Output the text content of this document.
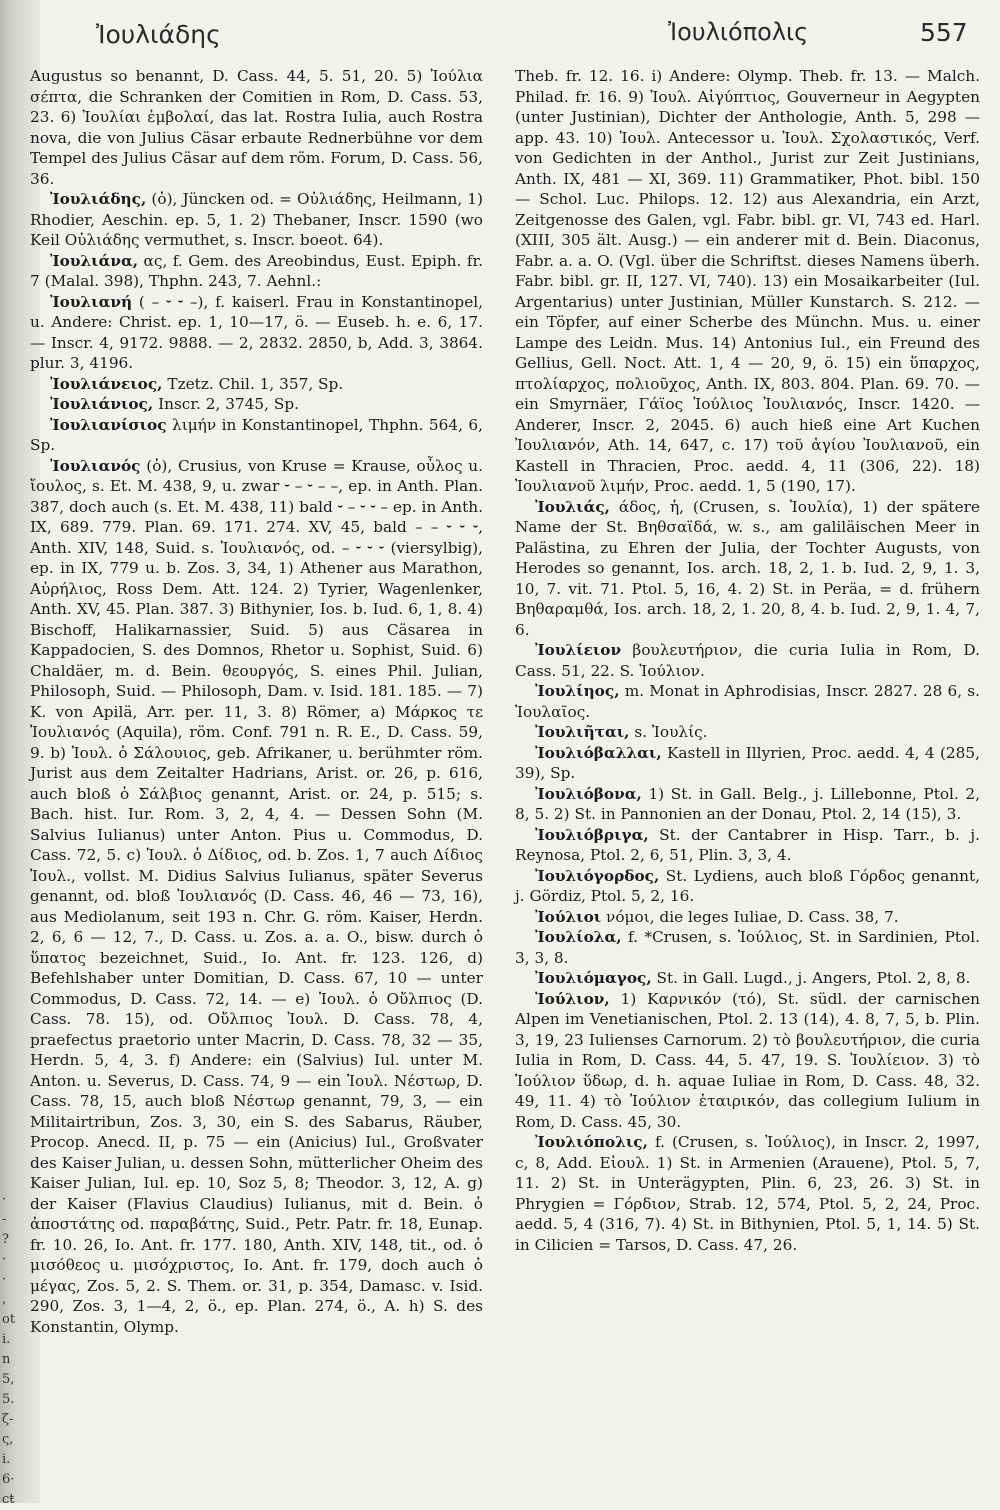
·
-
?
·
·
,
ot
i.
n
5,
5.
ζ-
ς,
i.
6·
cŧ
Ἰουλιάδης	Ἰουλιόπολις	557

Augustus so benannt, D. Cass. 44, 5. 51, 20. 5) Ἰούλια σέπτα, die Schranken der Comitien in Rom, D. Cass. 53, 23. 6) Ἰουλίαι ἐμβολαί, das lat. Rostra Iulia, auch Rostra nova, die von Julius Cäsar erbaute Rednerbühne vor dem Tempel des Julius Cäsar auf dem röm. Forum, D. Cass. 56, 36.

Ἰουλιάδης, (ὁ), Jüncken od. = Οὐλιάδης, Heilmann, 1) Rhodier, Aeschin. ep. 5, 1. 2) Thebaner, Inscr. 1590 (wo Keil Οὐλιάδης vermuthet, s. Inscr. boeot. 64).

Ἰουλιάνα, ας, f. Gem. des Areobindus, Eust. Epiph. fr. 7 (Malal. 398), Thphn. 243, 7. Aehnl.:

Ἰουλιανή ( – ⏑ ⏑ –), f. kaiserl. Frau in Konstantinopel, u. Andere: Christ. ep. 1, 10—17, ö. — Euseb. h. e. 6, 17. — Inscr. 4, 9172. 9888. — 2, 2832. 2850, b, Add. 3, 3864. plur. 3, 4196.

Ἰουλιάνειος, Tzetz. Chil. 1, 357, Sp.

Ἰουλιάνιος, Inscr. 2, 3745, Sp.

Ἰουλιανίσιος λιμήν in Konstantinopel, Thphn. 564, 6, Sp.

Ἰουλιανός (ὁ), Crusius, von Kruse = Krause, οὖλος u. ἴουλος, s. Et. M. 438, 9, u. zwar ⏑ – ⏑ – –, ep. in Anth. Plan. 387, doch auch (s. Et. M. 438, 11) bald ⏑ – ⏑ ⏑ – ep. in Anth. IX, 689. 779. Plan. 69. 171. 274. XV, 45, bald – – ⏑ ⏑ ⏑, Anth. XIV, 148, Suid. s. Ἰουλιανός, od. – ⏑ ⏑ ⏑ (viersylbig), ep. in IX, 779 u. b. Zos. 3, 34, 1) Athener aus Marathon, Αὐρήλιος, Ross Dem. Att. 124. 2) Tyrier, Wagenlenker, Anth. XV, 45. Plan. 387. 3) Bithynier, Ios. b. Iud. 6, 1, 8. 4) Bischoff, Halikarnassier, Suid. 5) aus Cäsarea in Kappadocien, S. des Domnos, Rhetor u. Sophist, Suid. 6) Chaldäer, m. d. Bein. θεουργός, S. eines Phil. Julian, Philosoph, Suid. — Philosoph, Dam. v. Isid. 181. 185. — 7) K. von Apilä, Arr. per. 11, 3. 8) Römer, a) Μάρκος τε Ἰουλιανός (Aquila), röm. Conf. 791 n. R. E., D. Cass. 59, 9. b) Ἰουλ. ὁ Σάλουιος, geb. Afrikaner, u. berühmter röm. Jurist aus dem Zeitalter Hadrians, Arist. or. 26, p. 616, auch bloß ὁ Σάλβιος genannt, Arist. or. 24, p. 515; s. Bach. hist. Iur. Rom. 3, 2, 4, 4. — Dessen Sohn (M. Salvius Iulianus) unter Anton. Pius u. Commodus, D. Cass. 72, 5. c) Ἰουλ. ὁ Δίδιος, od. b. Zos. 1, 7 auch Δίδιος Ἰουλ., vollst. M. Didius Salvius Iulianus, später Severus genannt, od. bloß Ἰουλιανός (D. Cass. 46, 46 — 73, 16), aus Mediolanum, seit 193 n. Chr. G. röm. Kaiser, Herdn. 2, 6, 6 — 12, 7., D. Cass. u. Zos. a. a. O., bisw. durch ὁ ὕπατος bezeichnet, Suid., Io. Ant. fr. 123. 126, d) Befehlshaber unter Domitian, D. Cass. 67, 10 — unter Commodus, D. Cass. 72, 14. — e) Ἰουλ. ὁ Οὔλπιος (D. Cass. 78. 15), od. Οὔλπιος Ἰουλ. D. Cass. 78, 4, praefectus praetorio unter Macrin, D. Cass. 78, 32 — 35, Herdn. 5, 4, 3. f) Andere: ein (Salvius) Iul. unter M. Anton. u. Severus, D. Cass. 74, 9 — ein Ἰουλ. Νέστωρ, D. Cass. 78, 15, auch bloß Νέστωρ genannt, 79, 3, — ein Militairtribun, Zos. 3, 30, ein S. des Sabarus, Räuber, Procop. Anecd. II, p. 75 — ein (Anicius) Iul., Großvater des Kaiser Julian, u. dessen Sohn, mütterlicher Oheim des Kaiser Julian, Iul. ep. 10, Soz 5, 8; Theodor. 3, 12, A. g) der Kaiser (Flavius Claudius) Iulianus, mit d. Bein. ὁ ἀποστάτης od. παραβάτης, Suid., Petr. Patr. fr. 18, Eunap. fr. 10. 26, Io. Ant. fr. 177. 180, Anth. XIV, 148, tit., od. ὁ μισόθεος u. μισόχριστος, Io. Ant. fr. 179, doch auch ὁ μέγας, Zos. 5, 2. S. Them. or. 31, p. 354, Damasc. v. Isid. 290, Zos. 3, 1—4, 2, ö., ep. Plan. 274, ö., A. h) S. des Konstantin, Olymp.

Theb. fr. 12. 16. i) Andere: Olymp. Theb. fr. 13. — Malch. Philad. fr. 16. 9) Ἰουλ. Αἰγύπτιος, Gouverneur in Aegypten (unter Justinian), Dichter der Anthologie, Anth. 5, 298 — app. 43. 10) Ἰουλ. Antecessor u. Ἰουλ. Σχολαστικός, Verf. von Gedichten in der Anthol., Jurist zur Zeit Justinians, Anth. IX, 481 — XI, 369. 11) Grammatiker, Phot. bibl. 150 — Schol. Luc. Philops. 12. 12) aus Alexandria, ein Arzt, Zeitgenosse des Galen, vgl. Fabr. bibl. gr. VI, 743 ed. Harl. (XIII, 305 ält. Ausg.) — ein anderer mit d. Bein. Diaconus, Fabr. a. a. O. (Vgl. über die Schriftst. dieses Namens überh. Fabr. bibl. gr. II, 127. VI, 740). 13) ein Mosaikarbeiter (Iul. Argentarius) unter Justinian, Müller Kunstarch. S. 212. — ein Töpfer, auf einer Scherbe des Münchn. Mus. u. einer Lampe des Leidn. Mus. 14) Antonius Iul., ein Freund des Gellius, Gell. Noct. Att. 1, 4 — 20, 9, ö. 15) ein ὕπαρχος, πτολίαρχος, πολιοῦχος, Anth. IX, 803. 804. Plan. 69. 70. — ein Smyrnäer, Γάϊος Ἰούλιος Ἰουλιανός, Inscr. 1420. — Anderer, Inscr. 2, 2045. 6) auch hieß eine Art Kuchen Ἰουλιανόν, Ath. 14, 647, c. 17) τοῦ ἁγίου Ἰουλιανοῦ, ein Kastell in Thracien, Proc. aedd. 4, 11 (306, 22). 18) Ἰουλιανοῦ λιμήν, Proc. aedd. 1, 5 (190, 17).

Ἰουλιάς, άδος, ἡ, (Crusen, s. Ἰουλία), 1) der spätere Name der St. Βηθσαϊδά, w. s., am galiläischen Meer in Palästina, zu Ehren der Julia, der Tochter Augusts, von Herodes so genannt, Ios. arch. 18, 2, 1. b. Iud. 2, 9, 1. 3, 10, 7. vit. 71. Ptol. 5, 16, 4. 2) St. in Peräa, = d. frühern Βηθαραμθά, Ios. arch. 18, 2, 1. 20, 8, 4. b. Iud. 2, 9, 1. 4, 7, 6.

Ἰουλίειον βουλευτήριον, die curia Iulia in Rom, D. Cass. 51, 22. S. Ἰούλιον.

Ἰουλίηος, m. Monat in Aphrodisias, Inscr. 2827. 28 6, s. Ἰουλαῖος.

Ἰουλιῆται, s. Ἰουλίς.

Ἰουλιόβαλλαι, Kastell in Illyrien, Proc. aedd. 4, 4 (285, 39), Sp.

Ἰουλιόβονα, 1) St. in Gall. Belg., j. Lillebonne, Ptol. 2, 8, 5. 2) St. in Pannonien an der Donau, Ptol. 2, 14 (15), 3.

Ἰουλιόβριγα, St. der Cantabrer in Hisp. Tarr., b. j. Reynosa, Ptol. 2, 6, 51, Plin. 3, 3, 4.

Ἰουλιόγορδος, St. Lydiens, auch bloß Γόρδος genannt, j. Gördiz, Ptol. 5, 2, 16.

Ἰούλιοι νόμοι, die leges Iuliae, D. Cass. 38, 7.

Ἰουλίολα, f. *Crusen, s. Ἰούλιος, St. in Sardinien, Ptol. 3, 3, 8.

Ἰουλιόμαγος, St. in Gall. Lugd., j. Angers, Ptol. 2, 8, 8.

Ἰούλιον, 1) Καρνικόν (τό), St. südl. der carnischen Alpen im Venetianischen, Ptol. 2. 13 (14), 4. 8, 7, 5, b. Plin. 3, 19, 23 Iulienses Carnorum. 2) τὸ βουλευτήριον, die curia Iulia in Rom, D. Cass. 44, 5. 47, 19. S. Ἰουλίειον. 3) τὸ Ἰούλιον ὕδωρ, d. h. aquae Iuliae in Rom, D. Cass. 48, 32. 49, 11. 4) τὸ Ἰούλιον ἑταιρικόν, das collegium Iulium in Rom, D. Cass. 45, 30.

Ἰουλιόπολις, f. (Crusen, s. Ἰούλιος), in Inscr. 2, 1997, c, 8, Add. Εἰουλ. 1) St. in Armenien (Arauene), Ptol. 5, 7, 11. 2) St. in Unterägypten, Plin. 6, 23, 26. 3) St. in Phrygien = Γόρδιον, Strab. 12, 574, Ptol. 5, 2, 24, Proc. aedd. 5, 4 (316, 7). 4) St. in Bithynien, Ptol. 5, 1, 14. 5) St. in Cilicien = Tarsos, D. Cass. 47, 26.
